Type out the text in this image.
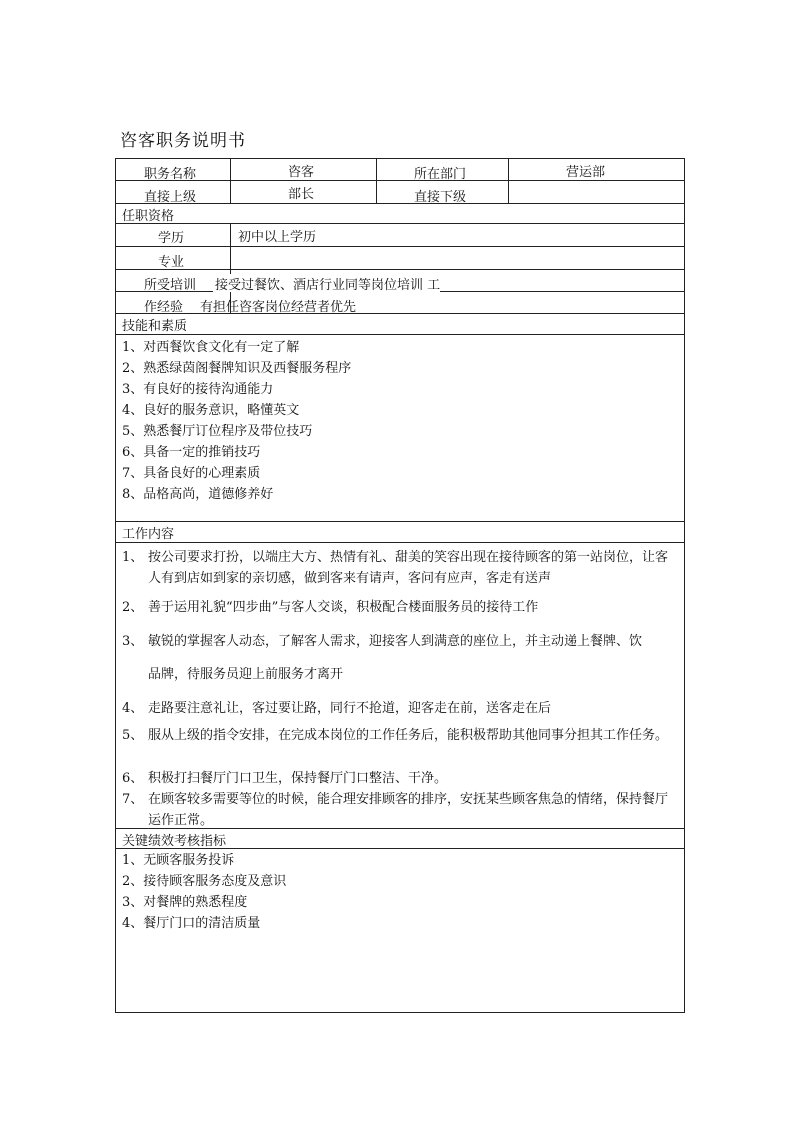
咨客职务说明书
职务名称	咨客	所在部门	营运部
直接上级	部长	直接下级
任职资格
学历	初中以上学历
专业
所受培训 接受过餐饮、酒店行业同等岗位培训 工
作经验 有担任咨客岗位经营者优先
技能和素质
1、对西餐饮食文化有一定了解
2、熟悉绿茵阁餐牌知识及西餐服务程序
3、有良好的接待沟通能力
4、良好的服务意识，略懂英文
5、熟悉餐厅订位程序及带位技巧
6、具备一定的推销技巧
7、具备良好的心理素质
8、品格高尚，道德修养好
工作内容
1、 按公司要求打扮，以端庄大方、热情有礼、甜美的笑容出现在接待顾客的第一站岗位，让客人有到店如到家的亲切感，做到客来有请声，客问有应声，客走有送声
2、 善于运用礼貌“四步曲”与客人交谈，积极配合楼面服务员的接待工作
3、 敏锐的掌握客人动态，了解客人需求，迎接客人到满意的座位上，并主动递上餐牌、饮
品牌，待服务员迎上前服务才离开
4、 走路要注意礼让，客过要让路，同行不抢道，迎客走在前，送客走在后
5、 服从上级的指令安排，在完成本岗位的工作任务后，能积极帮助其他同事分担其工作任务。
6、 积极打扫餐厅门口卫生，保持餐厅门口整洁、干净。
7、 在顾客较多需要等位的时候，能合理安排顾客的排序，安抚某些顾客焦急的情绪，保持餐厅运作正常。
关键绩效考核指标
1、无顾客服务投诉
2、接待顾客服务态度及意识
3、对餐牌的熟悉程度
4、餐厅门口的清洁质量
